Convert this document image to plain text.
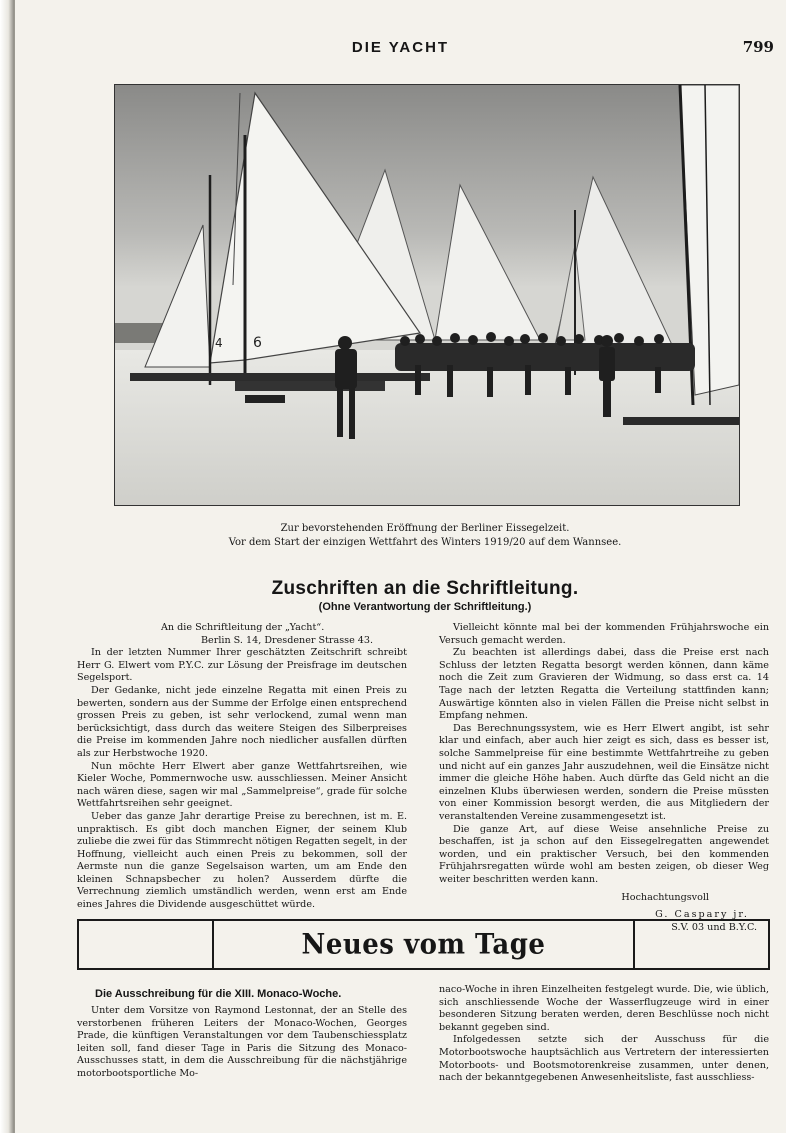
DIE YACHT	799
4 6
Zur bevorstehenden Eröffnung der Berliner Eissegelzeit.
Vor dem Start der einzigen Wettfahrt des Winters 1919/20 auf dem Wannsee.
Zuschriften an die Schriftleitung.
(Ohne Verantwortung der Schriftleitung.)

An die Schriftleitung der „Yacht“.

Berlin S. 14, Dresdener Strasse 43.

In der letzten Nummer Ihrer geschätzten Zeitschrift schreibt Herr G. Elwert vom P.Y.C. zur Lösung der Preisfrage im deutschen Segelsport.

Der Gedanke, nicht jede einzelne Regatta mit einen Preis zu bewerten, sondern aus der Summe der Erfolge einen entsprechend grossen Preis zu geben, ist sehr verlockend, zumal wenn man berücksichtigt, dass durch das weitere Steigen des Silberpreises die Preise im kommenden Jahre noch niedlicher ausfallen dürften als zur Herbstwoche 1920.

Nun möchte Herr Elwert aber ganze Wettfahrtsreihen, wie Kieler Woche, Pommernwoche usw. ausschliessen. Meiner Ansicht nach wären diese, sagen wir mal „Sammelpreise“, grade für solche Wettfahrtsreihen sehr geeignet.

Ueber das ganze Jahr derartige Preise zu berechnen, ist m. E. unpraktisch. Es gibt doch manchen Eigner, der seinem Klub zuliebe die zwei für das Stimmrecht nötigen Regatten segelt, in der Hoffnung, vielleicht auch einen Preis zu bekommen, soll der Aermste nun die ganze Segelsaison warten, um am Ende den kleinen Schnapsbecher zu holen? Ausserdem dürfte die Verrechnung ziemlich umständlich werden, wenn erst am Ende eines Jahres die Dividende ausgeschüttet würde.

Vielleicht könnte mal bei der kommenden Frühjahrswoche ein Versuch gemacht werden.

Zu beachten ist allerdings dabei, dass die Preise erst nach Schluss der letzten Regatta besorgt werden können, dann käme noch die Zeit zum Gravieren der Widmung, so dass erst ca. 14 Tage nach der letzten Regatta die Verteilung stattfinden kann; Auswärtige könnten also in vielen Fällen die Preise nicht selbst in Empfang nehmen.

Das Berechnungssystem, wie es Herr Elwert angibt, ist sehr klar und einfach, aber auch hier zeigt es sich, dass es besser ist, solche Sammelpreise für eine bestimmte Wettfahrtreihe zu geben und nicht auf ein ganzes Jahr auszudehnen, weil die Einsätze nicht immer die gleiche Höhe haben. Auch dürfte das Geld nicht an die einzelnen Klubs überwiesen werden, sondern die Preise müssten von einer Kommission besorgt werden, die aus Mitgliedern der veranstaltenden Vereine zusammengesetzt ist.

Die ganze Art, auf diese Weise ansehnliche Preise zu beschaffen, ist ja schon auf den Eissegelregatten angewendet worden, und ein praktischer Versuch, bei den kommenden Frühjahrsregatten würde wohl am besten zeigen, ob dieser Weg weiter beschritten werden kann.

Hochachtungsvoll

G. Caspary jr.

S.V. 03 und B.Y.C.

Neues vom Tage
Die Ausschreibung für die XIII. Monaco-Woche.

Unter dem Vorsitze von Raymond Lestonnat, der an Stelle des verstorbenen früheren Leiters der Monaco-Wochen, Georges Prade, die künftigen Veranstaltungen vor dem Taubenschiessplatz leiten soll, fand dieser Tage in Paris die Sitzung des Monaco-Ausschusses statt, in dem die Ausschreibung für die nächstjährige motorbootsportliche Mo-

naco-Woche in ihren Einzelheiten festgelegt wurde. Die, wie üblich, sich anschliessende Woche der Wasserflugzeuge wird in einer besonderen Sitzung beraten werden, deren Beschlüsse noch nicht bekannt gegeben sind.

Infolgedessen setzte sich der Ausschuss für die Motorbootswoche hauptsächlich aus Vertretern der interessierten Motorboots- und Bootsmotorenkreise zusammen, unter denen, nach der bekanntgegebenen Anwesenheitsliste, fast ausschliess-
